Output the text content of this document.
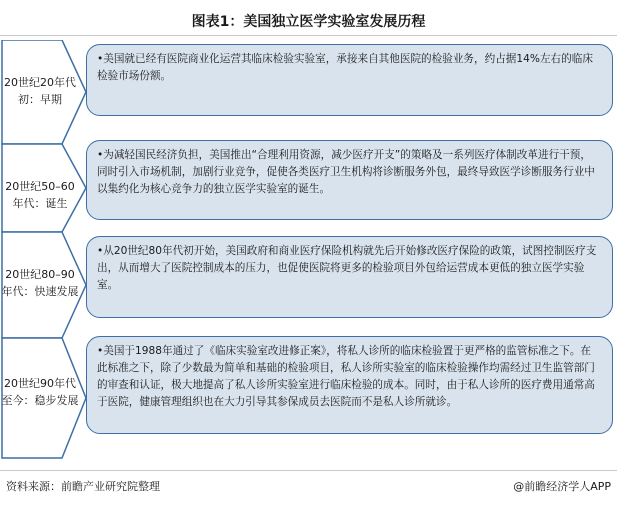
图表1：美国独立医学实验室发展历程
20世纪20年代初：早期
20世纪50–60年代：诞生
20世纪80–90年代：快速发展
20世纪90年代至今：稳步发展
•美国就已经有医院商业化运营其临床检验实验室，承接来自其他医院的检验业务，约占据14%左右的临床检验市场份额。
•为减轻国民经济负担，美国推出“合理利用资源，减少医疗开支”的策略及一系列医疗体制改革进行干预，同时引入市场机制，加剧行业竞争，促使各类医疗卫生机构将诊断服务外包，最终导致医学诊断服务行业中以集约化为核心竞争力的独立医学实验室的诞生。
•从20世纪80年代初开始，美国政府和商业医疗保险机构就先后开始修改医疗保险的政策，试图控制医疗支出，从而增大了医院控制成本的压力，也促使医院将更多的检验项目外包给运营成本更低的独立医学实验室。
•美国于1988年通过了《临床实验室改进修正案》，将私人诊所的临床检验置于更严格的监管标准之下。在此标准之下，除了少数最为简单和基础的检验项目，私人诊所实验室的临床检验操作均需经过卫生监管部门的审查和认证，极大地提高了私人诊所实验室进行临床检验的成本。同时，由于私人诊所的医疗费用通常高于医院，健康管理组织也在大力引导其参保成员去医院而不是私人诊所就诊。
资料来源：前瞻产业研究院整理	@前瞻经济学人APP
